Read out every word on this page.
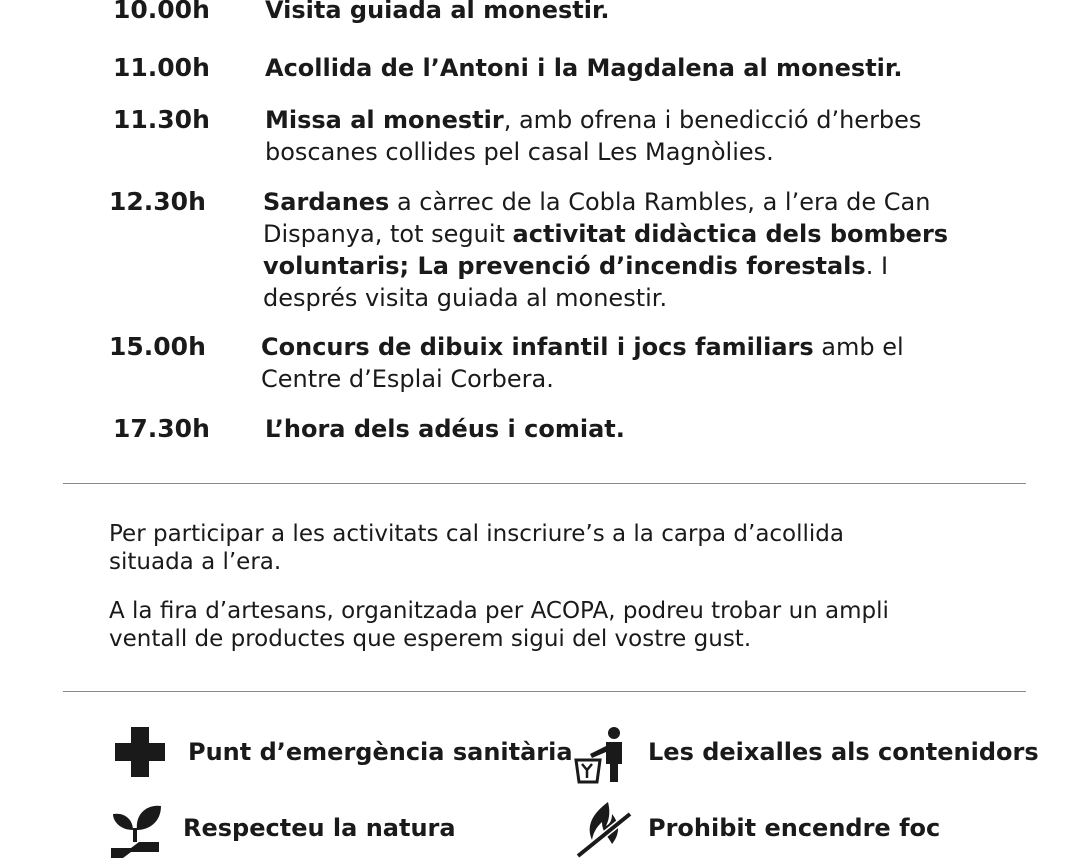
10.00h Visita guiada al monestir.
11.00h Acollida de l’Antoni i la Magdalena al monestir.
11.30h Missa al monestir, amb ofrena i benedicció d’herbes boscanes collides pel casal Les Magnòlies.
12.30h Sardanes a càrrec de la Cobla Rambles, a l’era de Can Dispanya, tot seguit activitat didàctica dels bombers voluntaris; La prevenció d’incendis forestals. I després visita guiada al monestir.
15.00h Concurs de dibuix infantil i jocs familiars amb el Centre d’Esplai Corbera.
17.30h L’hora dels adéus i comiat.

Per participar a les activitats cal inscriure’s a la carpa d’acollida situada a l’era.

A la fira d’artesans, organitzada per ACOPA, podreu trobar un ampli ventall de productes que esperem sigui del vostre gust.

Punt d’emergència sanitària	Les deixalles als contenidors
Respecteu la natura	Prohibit encendre foc
